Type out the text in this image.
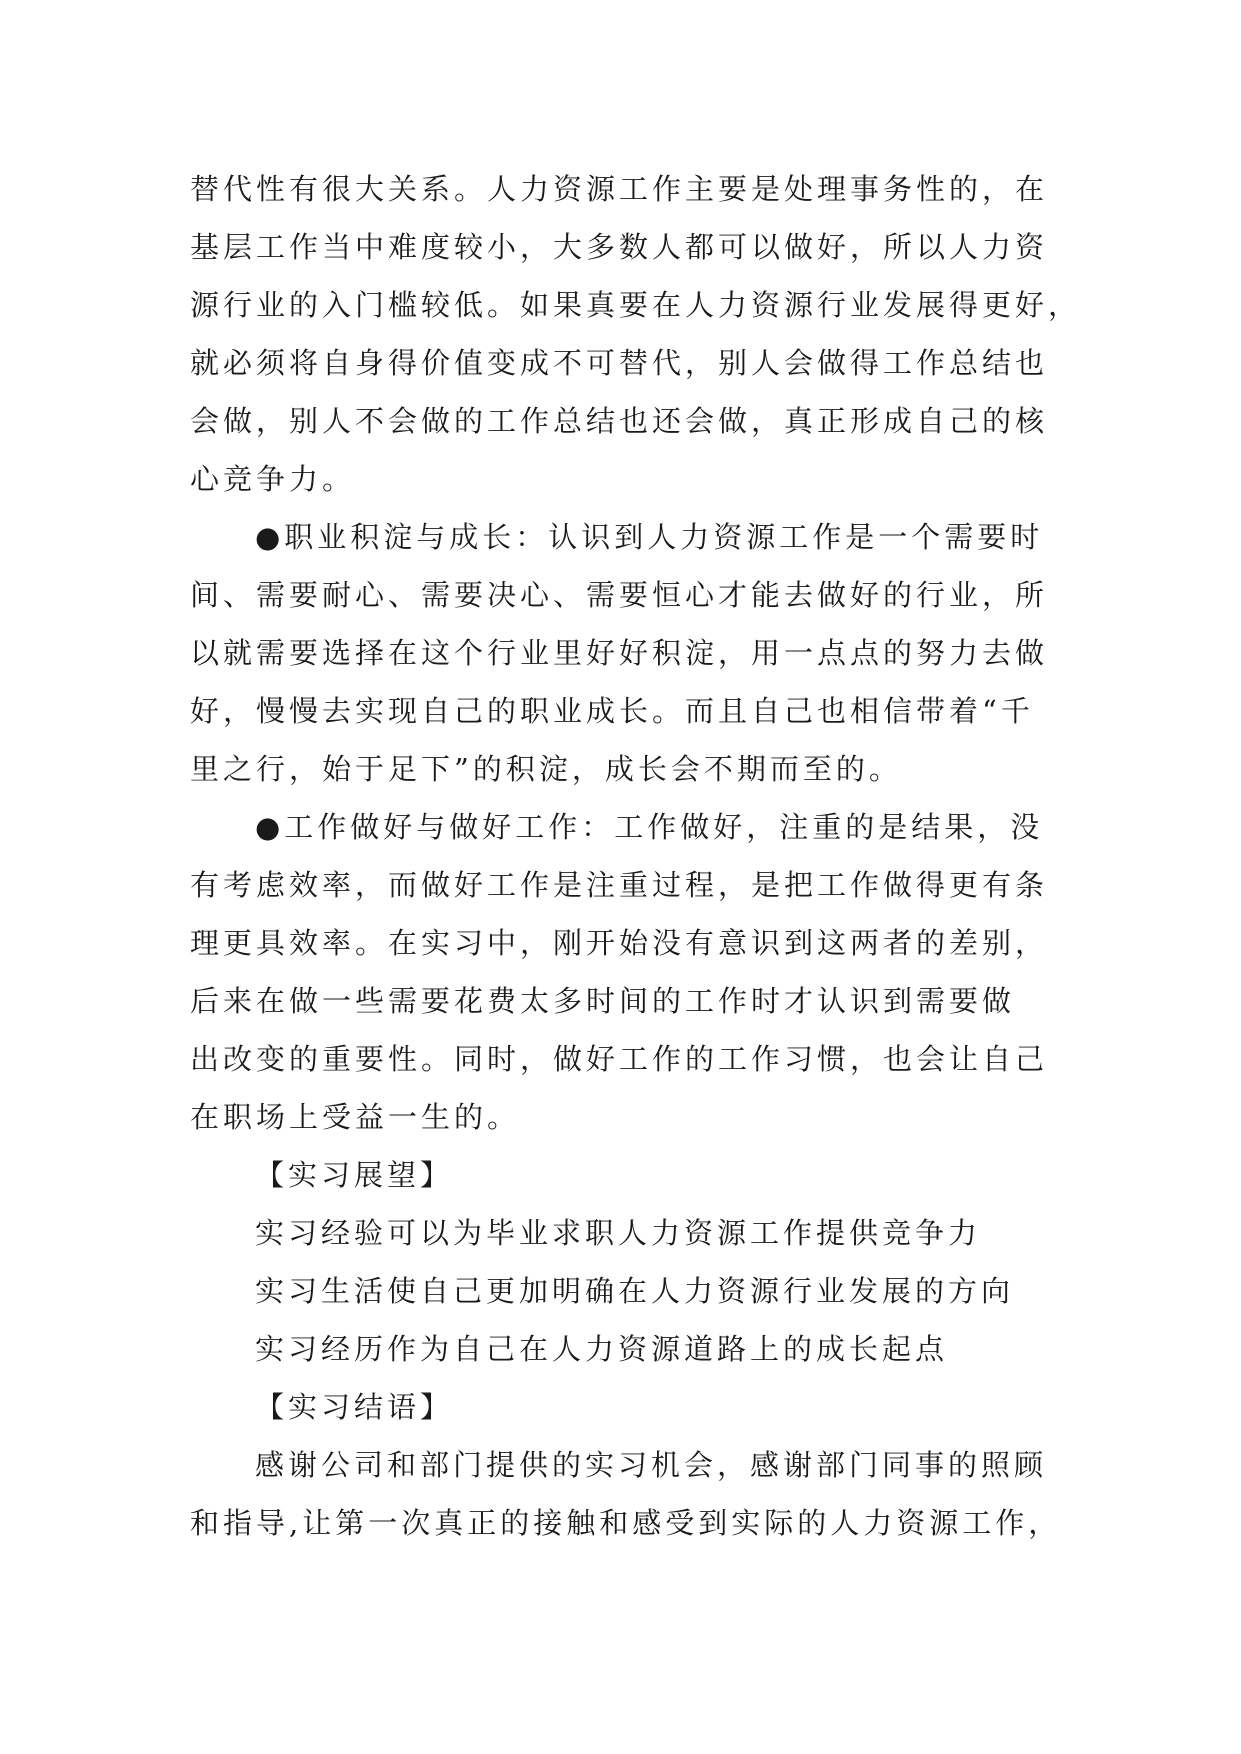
替代性有很大关系。人力资源工作主要是处理事务性的，在
基层工作当中难度较小，大多数人都可以做好，所以人力资
源行业的入门槛较低。如果真要在人力资源行业发展得更好，
就必须将自身得价值变成不可替代，别人会做得工作总结也
会做，别人不会做的工作总结也还会做，真正形成自己的核
心竞争力。
●职业积淀与成长：认识到人力资源工作是一个需要时
间、需要耐心、需要决心、需要恒心才能去做好的行业，所
以就需要选择在这个行业里好好积淀，用一点点的努力去做
好，慢慢去实现自己的职业成长。而且自己也相信带着“千
里之行，始于足下”的积淀，成长会不期而至的。
●工作做好与做好工作：工作做好，注重的是结果，没
有考虑效率，而做好工作是注重过程，是把工作做得更有条
理更具效率。在实习中，刚开始没有意识到这两者的差别，
后来在做一些需要花费太多时间的工作时才认识到需要做
出改变的重要性。同时，做好工作的工作习惯，也会让自己
在职场上受益一生的。
【实习展望】
实习经验可以为毕业求职人力资源工作提供竞争力
实习生活使自己更加明确在人力资源行业发展的方向
实习经历作为自己在人力资源道路上的成长起点
【实习结语】
感谢公司和部门提供的实习机会，感谢部门同事的照顾
和指导,让第一次真正的接触和感受到实际的人力资源工作，
